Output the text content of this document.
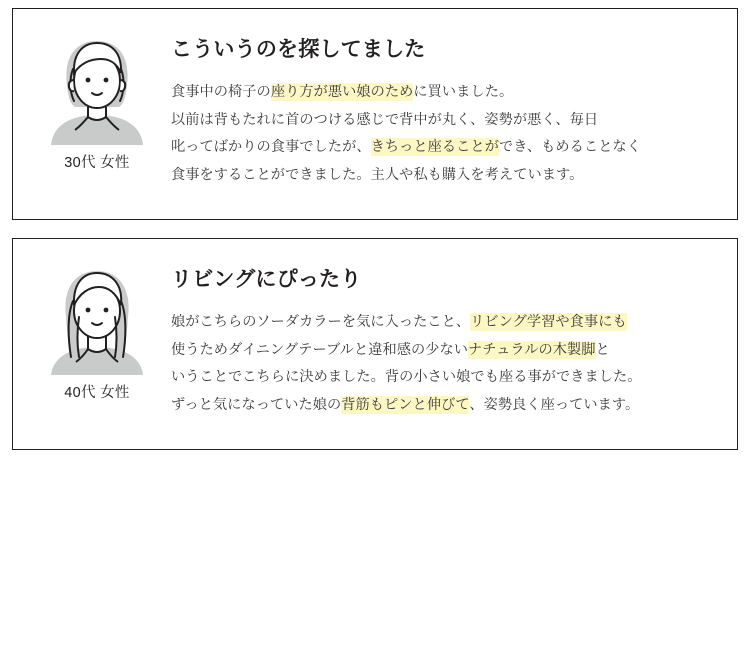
30代 女性
こういうのを探してました
食事中の椅子の座り方が悪い娘のために買いました。
以前は背もたれに首のつける感じで背中が丸く、姿勢が悪く、毎日
叱ってばかりの食事でしたが、きちっと座ることができ、もめることなく
食事をすることができました。主人や私も購入を考えています。
40代 女性
リビングにぴったり
娘がこちらのソーダカラーを気に入ったこと、リビング学習や食事にも
使うためダイニングテーブルと違和感の少ないナチュラルの木製脚と
いうことでこちらに決めました。背の小さい娘でも座る事ができました。
ずっと気になっていた娘の背筋もピンと伸びて、姿勢良く座っています。
